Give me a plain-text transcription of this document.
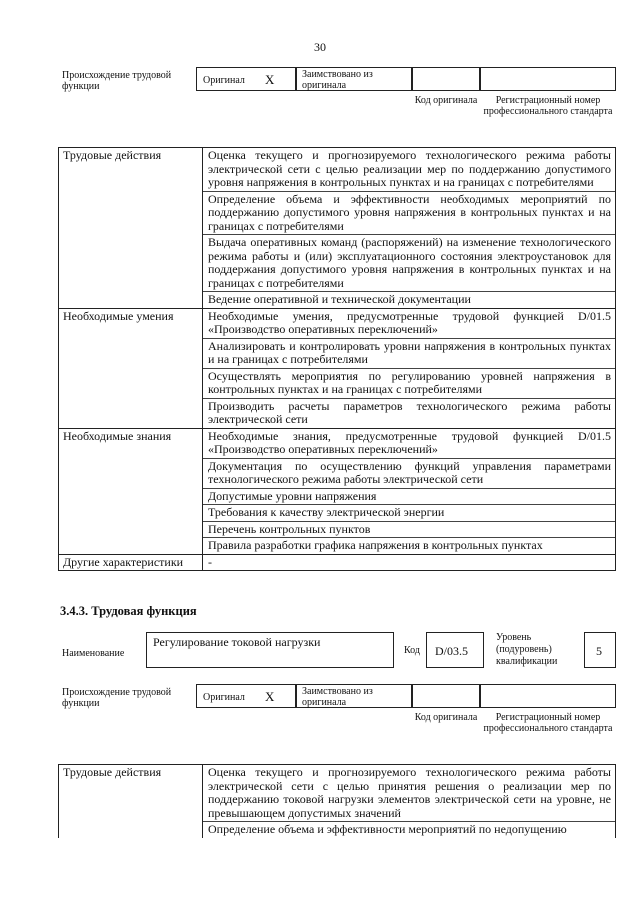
30
Происхождение трудовой функции
Оригинал X	Заимствовано из оригинала
Код оригинала	Регистрационный номер профессионального стандарта
Трудовые действия	Оценка текущего и прогнозируемого технологического режима работы электрической сети с целью реализации мер по поддержанию допустимого уровня напряжения в контрольных пунктах и на границах с потребителями
	Определение объема и эффективности необходимых мероприятий по поддержанию допустимого уровня напряжения в контрольных пунктах и на границах с потребителями
	Выдача оперативных команд (распоряжений) на изменение технологического режима работы и (или) эксплуатационного состояния электроустановок для поддержания допустимого уровня напряжения в контрольных пунктах и на границах с потребителями
	Ведение оперативной и технической документации
Необходимые умения	Необходимые умения, предусмотренные трудовой функцией D/01.5 «Производство оперативных переключений»
	Анализировать и контролировать уровни напряжения в контрольных пунктах и на границах с потребителями
	Осуществлять мероприятия по регулированию уровней напряжения в контрольных пунктах и на границах с потребителями
	Производить расчеты параметров технологического режима работы электрической сети
Необходимые знания	Необходимые знания, предусмотренные трудовой функцией D/01.5 «Производство оперативных переключений»
	Документация по осуществлению функций управления параметрами технологического режима работы электрической сети
	Допустимые уровни напряжения
	Требования к качеству электрической энергии
	Перечень контрольных пунктов
	Правила разработки графика напряжения в контрольных пунктах
Другие характеристики	-
3.4.3. Трудовая функция
Наименование
Регулирование токовой нагрузки
Код D/03.5
Уровень (подуровень) квалификации
5
Происхождение трудовой функции
Оригинал X	Заимствовано из оригинала
Код оригинала	Регистрационный номер профессионального стандарта
Трудовые действия	Оценка текущего и прогнозируемого технологического режима работы электрической сети с целью принятия решения о реализации мер по поддержанию токовой нагрузки элементов электрической сети на уровне, не превышающем допустимых значений
Определение объема и эффективности мероприятий по недопущению
